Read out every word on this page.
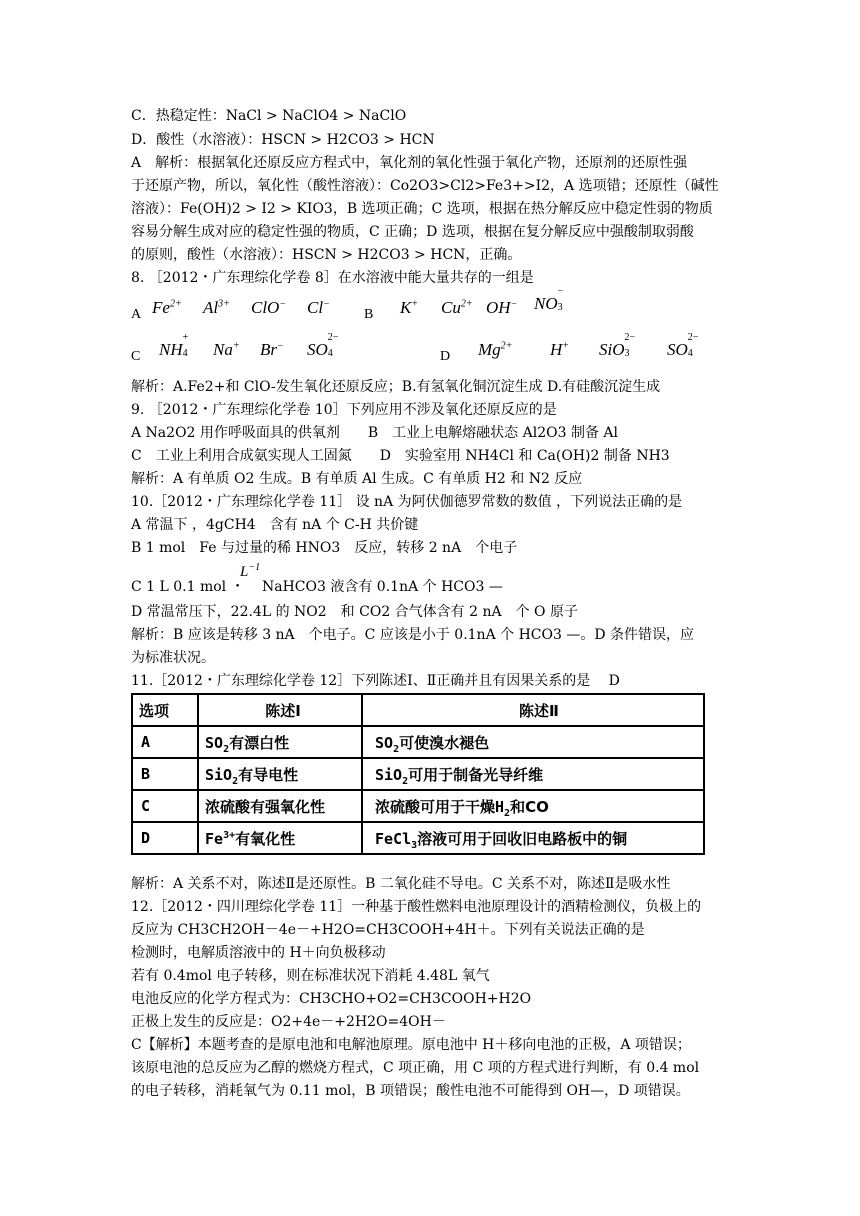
C．热稳定性：NaCl > NaClO4 > NaClO
D．酸性（水溶液）：HSCN > H2CO3 > HCN
A　解析：根据氧化还原反应方程式中，氧化剂的氧化性强于氧化产物，还原剂的还原性强
于还原产物，所以，氧化性（酸性溶液）：Co2O3>Cl2>Fe3+>I2，A 选项错；还原性（碱性
溶液）：Fe(OH)2 > I2 > KIO3，B 选项正确；C 选项，根据在热分解反应中稳定性弱的物质
容易分解生成对应的稳定性强的物质，C 正确；D 选项，根据在复分解反应中强酸制取弱酸
的原则，酸性（水溶液）：HSCN > H2CO3 > HCN，正确。
8. ［2012・广东理综化学卷 8］在水溶液中能大量共存的一组是
A $Fe^{2+}$ $Al^{3+}$ ClO− Cl−
B K+ $Cu^{2+}$ OH− NO
−
3
C NH
+
4 Na+ Br− SO
2−
4	D $Mg^{2+}$ H+ SiO
2−
3 SO
2−
4
解析：A.Fe2+和 ClO-发生氧化还原反应；B.有氢氧化铜沉淀生成 D.有硅酸沉淀生成
9. ［2012・广东理综化学卷 10］下列应用不涉及氧化还原反应的是
A Na2O2 用作呼吸面具的供氧剂　　B　工业上电解熔融状态 Al2O3 制备 Al
C　工业上利用合成氨实现人工固氮　　D　实验室用 NH4Cl 和 Ca(OH)2 制备 NH3
解析：A 有单质 O2 生成。B 有单质 Al 生成。C 有单质 H2 和 N2 反应
10.［2012・广东理综化学卷 11］ 设 nA 为阿伏伽德罗常数的数值 ，下列说法正确的是
A 常温下 ，4gCH4　含有 nA 个 C-H 共价键
B 1 mol　Fe 与过量的稀 HNO3　反应，转移 2 nA　个电子
C 1 L 0.1 mol ・
$L^{-1}$
NaHCO3 液含有 0.1nA 个 HCO3 —
D 常温常压下，22.4L 的 NO2　和 CO2 合气体含有 2 nA　个 O 原子
解析：B 应该是转移 3 nA　个电子。C 应该是小于 0.1nA 个 HCO3 —。D 条件错误，应
为标准状况。
11.［2012・广东理综化学卷 12］下列陈述Ⅰ、Ⅱ正确并且有因果关系的是　 D
选项	陈述Ⅰ	陈述Ⅱ
A	$SO_2$有漂白性	$SO_2$可使溴水褪色
B	SiO$_2$有导电性	SiO$_2$可用于制备光导纤维
C	浓硫酸有强氧化性	浓硫酸可用于干燥$H_2$和CO
D	$Fe^{3+}$有氧化性	FeCl$_3$溶液可用于回收旧电路板中的铜
解析：A 关系不对，陈述Ⅱ是还原性。B 二氧化硅不导电。C 关系不对，陈述Ⅱ是吸水性
12.［2012・四川理综化学卷 11］一种基于酸性燃料电池原理设计的酒精检测仪，负极上的
反应为 CH3CH2OH－4e－+H2O=CH3COOH+4H＋。下列有关说法正确的是
检测时，电解质溶液中的 H＋向负极移动
若有 0.4mol 电子转移，则在标准状况下消耗 4.48L 氧气
电池反应的化学方程式为：CH3CHO+O2=CH3COOH+H2O
正极上发生的反应是：O2+4e－+2H2O=4OH－
C【解析】本题考查的是原电池和电解池原理。原电池中 H＋移向电池的正极，A 项错误；
该原电池的总反应为乙醇的燃烧方程式，C 项正确，用 C 项的方程式进行判断，有 0.4 mol
的电子转移，消耗氧气为 0.11 mol，B 项错误；酸性电池不可能得到 OH—，D 项错误。
